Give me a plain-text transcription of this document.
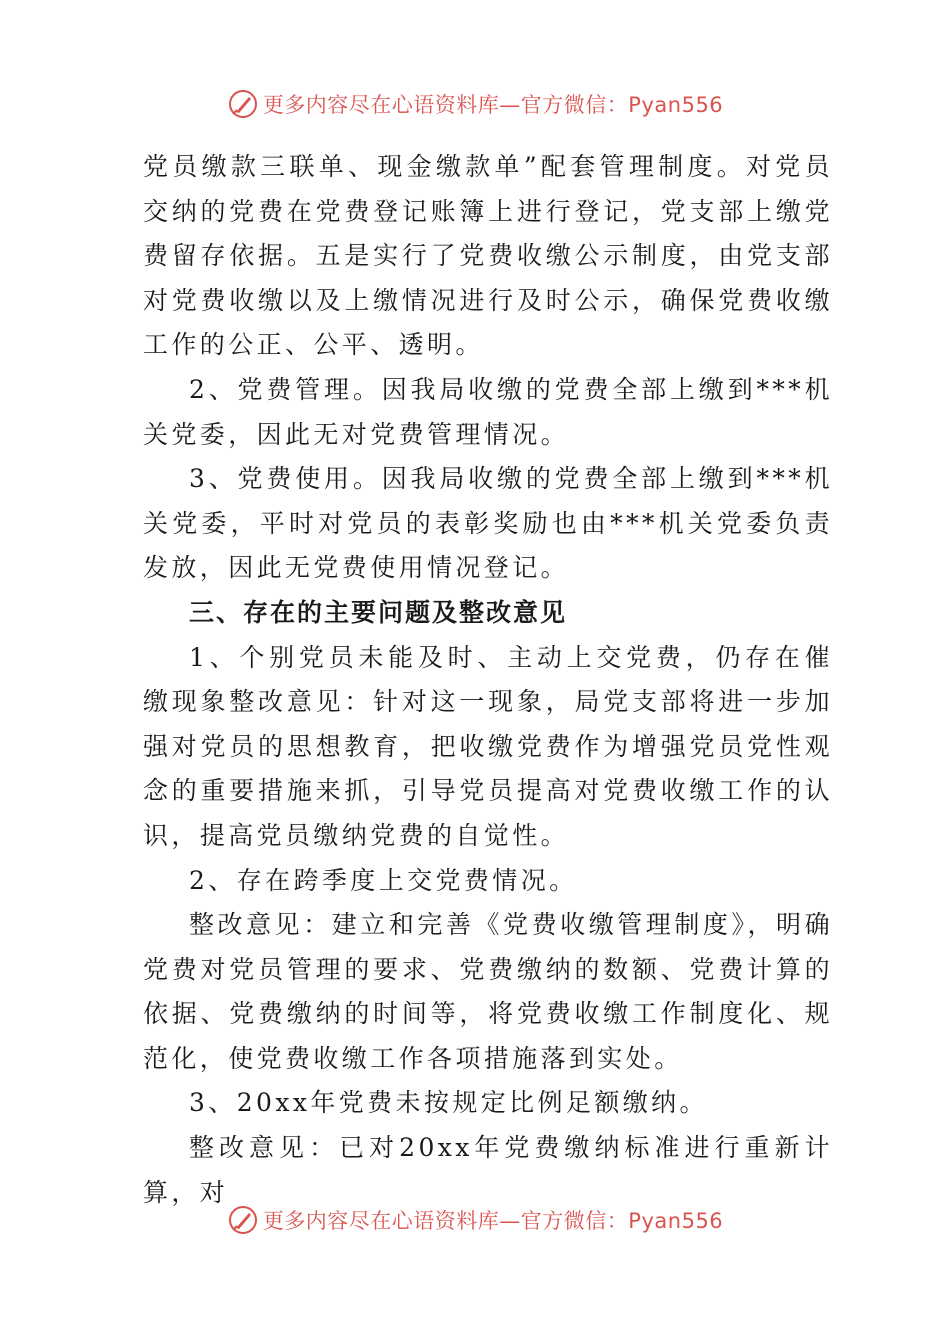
更多内容尽在心语资料库—官方微信：Pyan556

党员缴款三联单、现金缴款单”配套管理制度。对党员交纳的党费在党费登记账簿上进行登记，党支部上缴党费留存依据。五是实行了党费收缴公示制度，由党支部对党费收缴以及上缴情况进行及时公示，确保党费收缴工作的公正、公平、透明。

2、党费管理。因我局收缴的党费全部上缴到***机关党委，因此无对党费管理情况。

3、党费使用。因我局收缴的党费全部上缴到***机关党委，平时对党员的表彰奖励也由***机关党委负责发放，因此无党费使用情况登记。

三、存在的主要问题及整改意见

1、个别党员未能及时、主动上交党费，仍存在催缴现象整改意见：针对这一现象，局党支部将进一步加强对党员的思想教育，把收缴党费作为增强党员党性观念的重要措施来抓，引导党员提高对党费收缴工作的认识，提高党员缴纳党费的自觉性。

2、存在跨季度上交党费情况。

整改意见：建立和完善《党费收缴管理制度》，明确党费对党员管理的要求、党费缴纳的数额、党费计算的依据、党费缴纳的时间等，将党费收缴工作制度化、规范化，使党费收缴工作各项措施落到实处。

3、20xx年党费未按规定比例足额缴纳。

整改意见：已对20xx年党费缴纳标准进行重新计算，对

更多内容尽在心语资料库—官方微信：Pyan556
